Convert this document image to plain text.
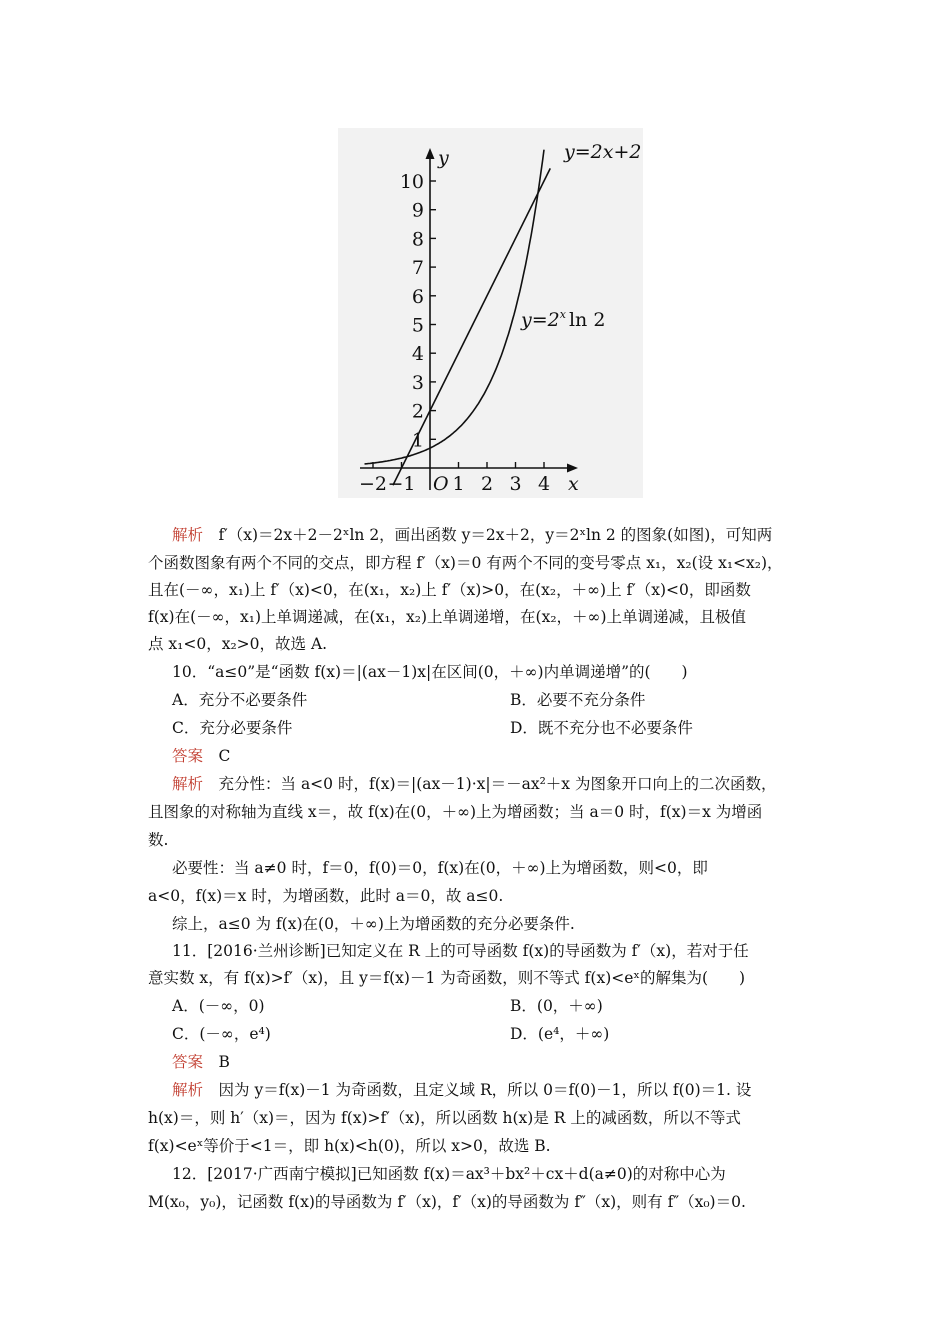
1
2
3
4
5
6
7
8
9
10
−2 −1 1 2 3 4
y
x
O
y=2x+2
$y=2^x$ ln 2
解析　f′（x)＝2x＋2－2ˣln 2，画出函数 y＝2x＋2，y＝2ˣln 2 的图象(如图)，可知两
个函数图象有两个不同的交点，即方程 f′（x)＝0 有两个不同的变号零点 x₁，x₂(设 x₁<x₂)，
且在(－∞，x₁)上 f′（x)<0，在(x₁，x₂)上 f′（x)>0，在(x₂，＋∞)上 f′（x)<0，即函数
f(x)在(－∞，x₁)上单调递减，在(x₁，x₂)上单调递增，在(x₂，＋∞)上单调递减，且极值
点 x₁<0，x₂>0，故选 A.
10．“a≤0”是“函数 f(x)＝|(ax－1)x|在区间(0，＋∞)内单调递增”的(　　)
A．充分不必要条件	B．必要不充分条件
C．充分必要条件	D．既不充分也不必要条件
答案　C
解析　充分性：当 a<0 时，f(x)＝|(ax－1)·x|＝－ax²＋x 为图象开口向上的二次函数，
且图象的对称轴为直线 x＝，故 f(x)在(0，＋∞)上为增函数；当 a＝0 时，f(x)＝x 为增函
数.
必要性：当 a≠0 时，f＝0，f(0)＝0，f(x)在(0，＋∞)上为增函数，则<0，即
a<0，f(x)＝x 时，为增函数，此时 a＝0，故 a≤0.
综上，a≤0 为 f(x)在(0，＋∞)上为增函数的充分必要条件.
11．[2016·兰州诊断]已知定义在 R 上的可导函数 f(x)的导函数为 f′（x)，若对于任
意实数 x，有 f(x)>f′（x)，且 y＝f(x)－1 为奇函数，则不等式 f(x)<eˣ的解集为(　　)
A．(－∞，0)	B．(0，＋∞)
C．(－∞，e⁴)	D．(e⁴，＋∞)
答案　B
解析　因为 y＝f(x)－1 为奇函数，且定义域 R，所以 0＝f(0)－1，所以 f(0)＝1. 设
h(x)＝，则 h′（x)＝，因为 f(x)>f′（x)，所以函数 h(x)是 R 上的减函数，所以不等式
f(x)<eˣ等价于<1＝，即 h(x)<h(0)，所以 x>0，故选 B.
12．[2017·广西南宁模拟]已知函数 f(x)＝ax³＋bx²＋cx＋d(a≠0)的对称中心为
M(x₀，y₀)，记函数 f(x)的导函数为 f′（x)，f′（x)的导函数为 f″（x)，则有 f″（x₀)＝0.
